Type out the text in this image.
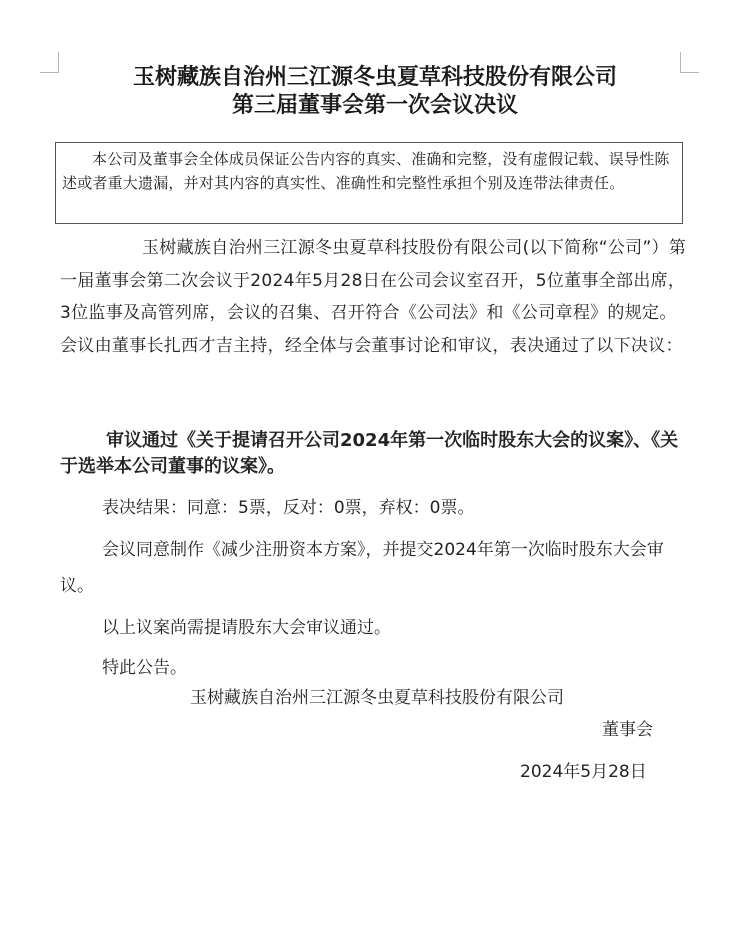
玉树藏族自治州三江源冬虫夏草科技股份有限公司
第三届董事会第一次会议决议
本公司及董事会全体成员保证公告内容的真实、准确和完整，没有虚假记载、误导性陈述或者重大遗漏，并对其内容的真实性、准确性和完整性承担个别及连带法律责任。
玉树藏族自治州三江源冬虫夏草科技股份有限公司(以下简称“公司”）第一届董事会第二次会议于2024年5月28日在公司会议室召开，5位董事全部出席，3位监事及高管列席，会议的召集、召开符合《公司法》和《公司章程》的规定。会议由董事长扎西才吉主持，经全体与会董事讨论和审议，表决通过了以下决议：
审议通过《关于提请召开公司2024年第一次临时股东大会的议案》、《关于选举本公司董事的议案》。
表决结果：同意：5票，反对：0票，弃权：0票。
会议同意制作《减少注册资本方案》，并提交2024年第一次临时股东大会审议。
以上议案尚需提请股东大会审议通过。
特此公告。
玉树藏族自治州三江源冬虫夏草科技股份有限公司
董事会
2024年5月28日
